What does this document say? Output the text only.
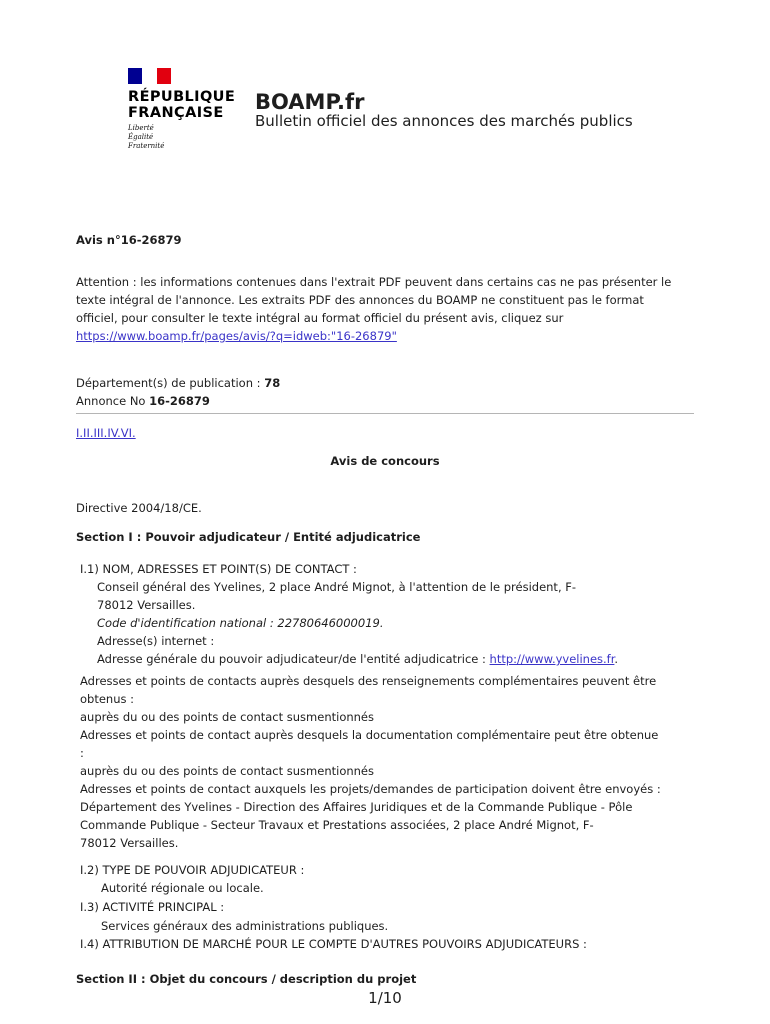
RÉPUBLIQUE
FRANÇAISE
Liberté
Égalité
Fraternité
BOAMP.fr
Bulletin officiel des annonces des marchés publics
Avis n°16-26879
Attention : les informations contenues dans l'extrait PDF peuvent dans certains cas ne pas présenter le
texte intégral de l'annonce. Les extraits PDF des annonces du BOAMP ne constituent pas le format
officiel, pour consulter le texte intégral au format officiel du présent avis, cliquez sur
https://www.boamp.fr/pages/avis/?q=idweb:"16-26879"
Département(s) de publication : 78
Annonce No 16-26879
I.II.III.IV.VI.
Avis de concours
Directive 2004/18/CE.
Section I : Pouvoir adjudicateur / Entité adjudicatrice
I.1) NOM, ADRESSES ET POINT(S) DE CONTACT :
Conseil général des Yvelines, 2 place André Mignot, à l'attention de le président, F-
78012 Versailles.
Code d'identification national : 22780646000019.
Adresse(s) internet :
Adresse générale du pouvoir adjudicateur/de l'entité adjudicatrice : http://www.yvelines.fr.
Adresses et points de contacts auprès desquels des renseignements complémentaires peuvent être
obtenus :
auprès du ou des points de contact susmentionnés
Adresses et points de contact auprès desquels la documentation complémentaire peut être obtenue
:
auprès du ou des points de contact susmentionnés
Adresses et points de contact auxquels les projets/demandes de participation doivent être envoyés :
Département des Yvelines - Direction des Affaires Juridiques et de la Commande Publique - Pôle
Commande Publique - Secteur Travaux et Prestations associées, 2 place André Mignot, F-
78012 Versailles.
I.2) TYPE DE POUVOIR ADJUDICATEUR :
Autorité régionale ou locale.
I.3) ACTIVITÉ PRINCIPAL :
Services généraux des administrations publiques.
I.4) ATTRIBUTION DE MARCHÉ POUR LE COMPTE D'AUTRES POUVOIRS ADJUDICATEURS :
Section II : Objet du concours / description du projet
1/10
